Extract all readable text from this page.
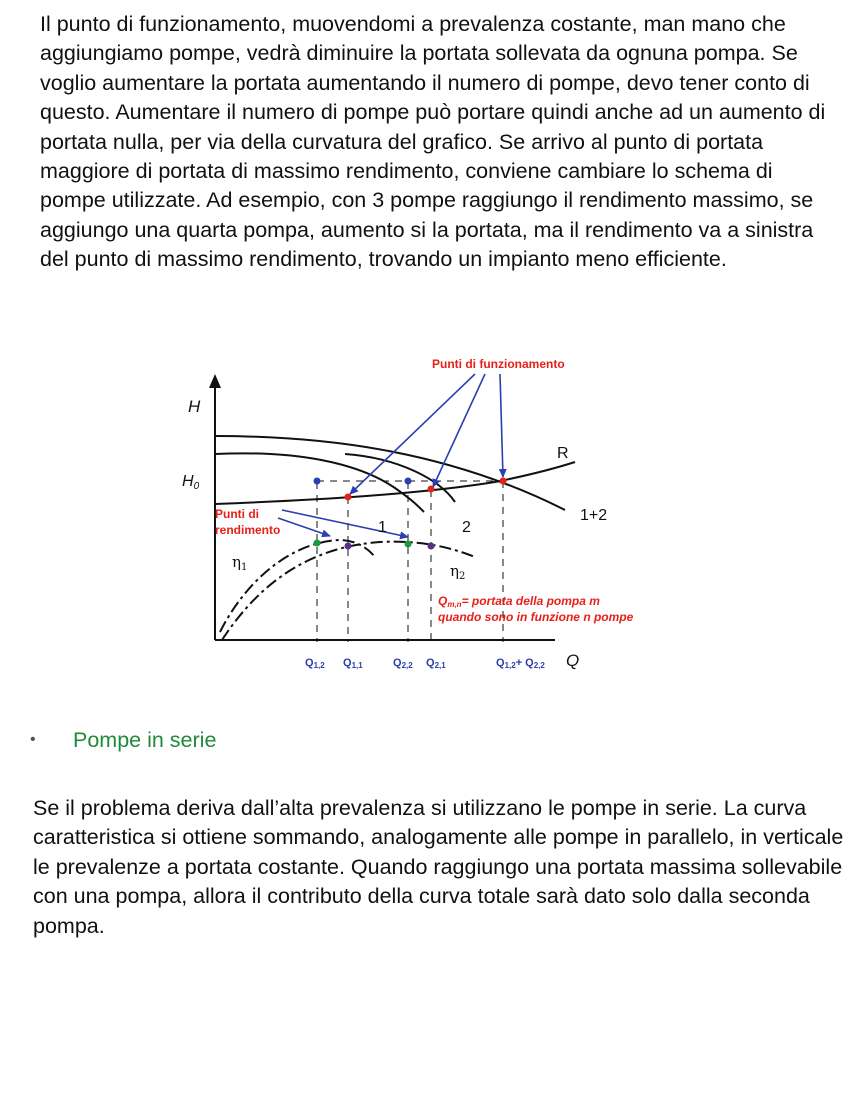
Il punto di funzionamento, muovendomi a prevalenza costante, man mano che aggiungiamo pompe, vedrà diminuire la portata sollevata da ognuna pompa. Se voglio aumentare la portata aumentando il numero di pompe, devo tener conto di questo. Aumentare il numero di pompe può portare quindi anche ad un aumento di portata nulla, per via della curvatura del grafico. Se arrivo al punto di portata maggiore di portata di massimo rendimento, conviene cambiare lo schema di pompe utilizzate. Ad esempio, con 3 pompe raggiungo il rendimento massimo, se aggiungo una quarta pompa, aumento si la portata, ma il rendimento va a sinistra del punto di massimo rendimento, trovando un impianto meno efficiente.

Punti di funzionamento
H
H0
R
1+2
1	2
Punti di
rendimento
$\eta_1$	$\eta_2$
Qm,n= portata della pompa m
quando sono in funzione n pompe
Q1,2 Q1,1	Q2,2 Q2,1	Q1,2+ Q2,2 Q
• Pompe in serie

Se il problema deriva dall’alta prevalenza si utilizzano le pompe in serie. La curva caratteristica si ottiene sommando, analogamente alle pompe in parallelo, in verticale le prevalenze a portata costante. Quando raggiungo una portata massima sollevabile con una pompa, allora il contributo della curva totale sarà dato solo dalla seconda pompa.
